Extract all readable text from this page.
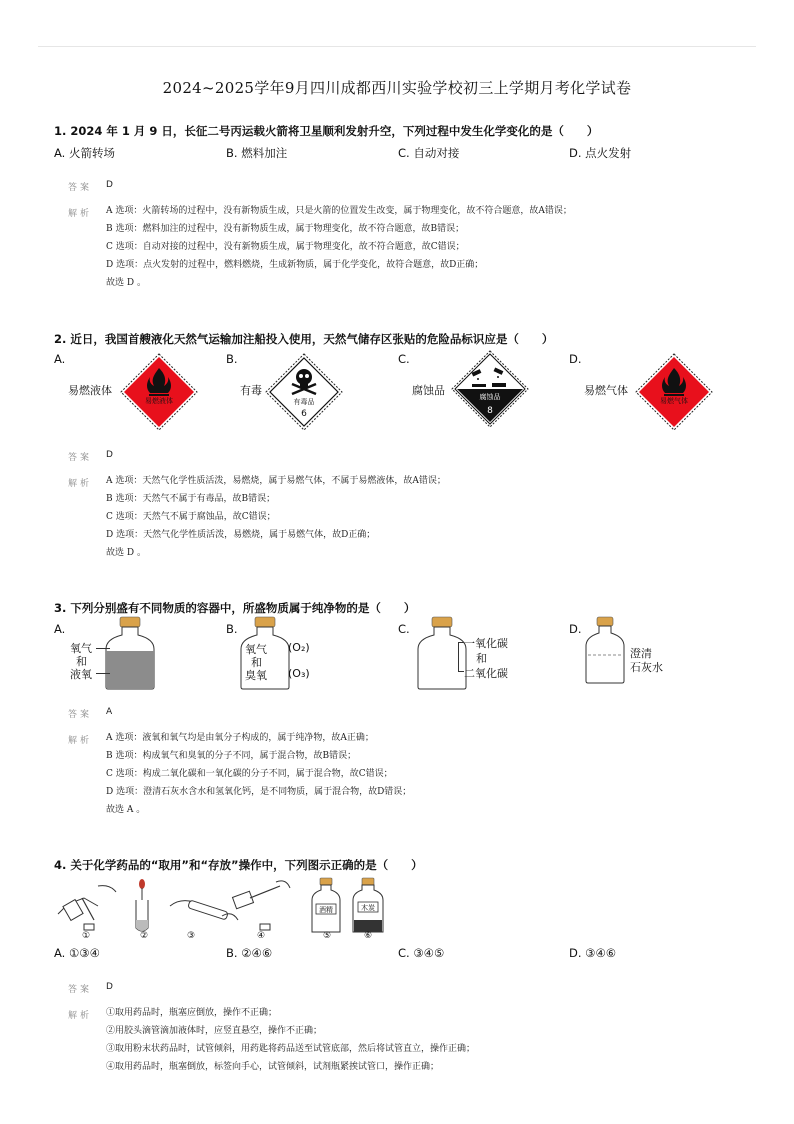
2024~2025学年9月四川成都西川实验学校初三上学期月考化学试卷
1. 2024 年 1 月 9 日，长征二号丙运载火箭将卫星顺利发射升空，下列过程中发生化学变化的是（　　）
A. 火箭转场	B. 燃料加注	C. 自动对接	D. 点火发射
答案 D
解析 A 选项：火箭转场的过程中，没有新物质生成，只是火箭的位置发生改变，属于物理变化，故不符合题意，故A错误；
B 选项：燃料加注的过程中，没有新物质生成，属于物理变化，故不符合题意，故B错误；
C 选项：自动对接的过程中，没有新物质生成，属于物理变化，故不符合题意，故C错误；
D 选项：点火发射的过程中，燃料燃烧，生成新物质，属于化学变化，故符合题意，故D正确；
故选 D 。
2. 近日，我国首艘液化天然气运输加注船投入使用，天然气储存区张贴的危险品标识应是（　　）
A.	B.	C.	D.
易燃液体
易燃液体
有毒
有毒品
6
腐蚀品	腐蚀品
8
易燃气体
易燃气体
答案 D
解析 A 选项：天然气化学性质活泼，易燃烧，属于易燃气体，不属于易燃液体，故A错误；
B 选项：天然气不属于有毒品，故B错误；
C 选项：天然气不属于腐蚀品，故C错误；
D 选项：天然气化学性质活泼，易燃烧，属于易燃气体，故D正确；
故选 D 。
3. 下列分别盛有不同物质的容器中，所盛物质属于纯净物的是（　　）
A.	B.	C.	D.
氧气
和
液氧
氧气
和
臭氧
(O₂)
(O₃)
一氧化碳
和
二氧化碳
澄清
石灰水
答案 A
解析 A 选项：液氧和氧气均是由氧分子构成的，属于纯净物，故A正确；
B 选项：构成氧气和臭氧的分子不同，属于混合物，故B错误；
C 选项：构成二氧化碳和一氧化碳的分子不同，属于混合物，故C错误；
D 选项：澄清石灰水含水和氢氧化钙，是不同物质，属于混合物，故D错误；
故选 A 。
4. 关于化学药品的“取用”和“存放”操作中，下列图示正确的是（　　）
酒精	木炭
①	②	③	④	⑤	⑥
A. ①③④	B. ②④⑥	C. ③④⑤	D. ③④⑥
答案 D
解析 ①取用药品时，瓶塞应倒放，操作不正确；
②用胶头滴管滴加液体时，应竖直悬空，操作不正确；
③取用粉末状药品时，试管倾斜，用药匙将药品送至试管底部，然后将试管直立，操作正确；
④取用药品时，瓶塞倒放，标签向手心，试管倾斜，试剂瓶紧挨试管口，操作正确；
